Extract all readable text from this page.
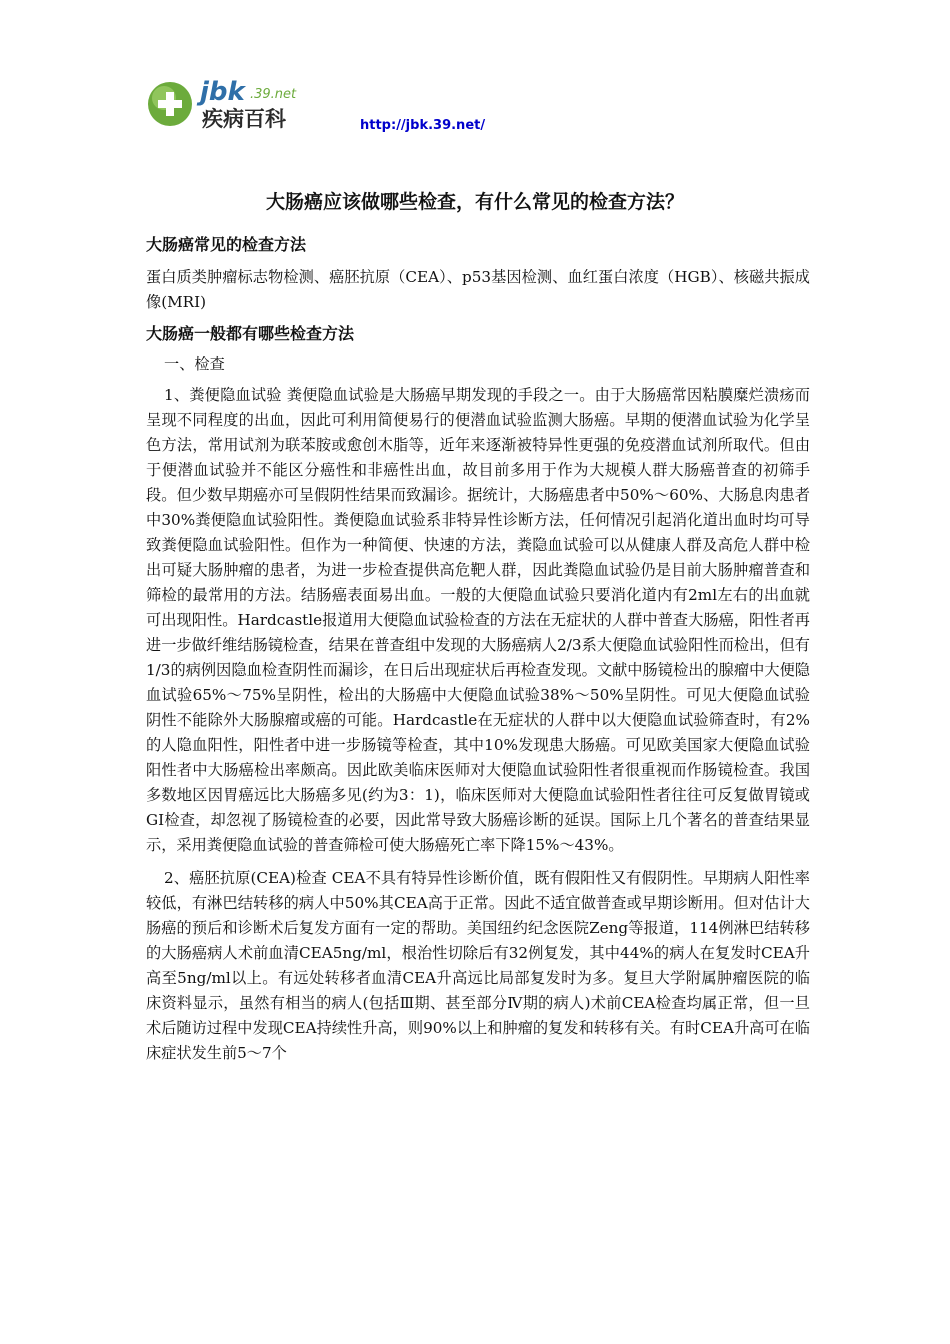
jbk .39.net
疾病百科	http://jbk.39.net/
大肠癌应该做哪些检查，有什么常见的检查方法？

大肠癌常见的检查方法

蛋白质类肿瘤标志物检测、癌胚抗原（CEA）、p53基因检测、血红蛋白浓度（HGB）、核磁共振成像(MRI)

大肠癌一般都有哪些检查方法

一、检查

1、粪便隐血试验 粪便隐血试验是大肠癌早期发现的手段之一。由于大肠癌常因粘膜糜烂溃疡而呈现不同程度的出血，因此可利用简便易行的便潜血试验监测大肠癌。早期的便潜血试验为化学呈色方法，常用试剂为联苯胺或愈创木脂等，近年来逐渐被特异性更强的免疫潜血试剂所取代。但由于便潜血试验并不能区分癌性和非癌性出血，故目前多用于作为大规模人群大肠癌普查的初筛手段。但少数早期癌亦可呈假阴性结果而致漏诊。据统计，大肠癌患者中50%～60%、大肠息肉患者中30%粪便隐血试验阳性。粪便隐血试验系非特异性诊断方法，任何情况引起消化道出血时均可导致粪便隐血试验阳性。但作为一种简便、快速的方法，粪隐血试验可以从健康人群及高危人群中检出可疑大肠肿瘤的患者，为进一步检查提供高危靶人群，因此粪隐血试验仍是目前大肠肿瘤普查和筛检的最常用的方法。结肠癌表面易出血。一般的大便隐血试验只要消化道内有2ml左右的出血就可出现阳性。Hardcastle报道用大便隐血试验检查的方法在无症状的人群中普查大肠癌，阳性者再进一步做纤维结肠镜检查，结果在普查组中发现的大肠癌病人2/3系大便隐血试验阳性而检出，但有1/3的病例因隐血检查阴性而漏诊，在日后出现症状后再检查发现。文献中肠镜检出的腺瘤中大便隐血试验65%～75%呈阴性，检出的大肠癌中大便隐血试验38%～50%呈阴性。可见大便隐血试验阴性不能除外大肠腺瘤或癌的可能。Hardcastle在无症状的人群中以大便隐血试验筛查时，有2%的人隐血阳性，阳性者中进一步肠镜等检查，其中10%发现患大肠癌。可见欧美国家大便隐血试验阳性者中大肠癌检出率颇高。因此欧美临床医师对大便隐血试验阳性者很重视而作肠镜检查。我国多数地区因胃癌远比大肠癌多见(约为3：1)，临床医师对大便隐血试验阳性者往往可反复做胃镜或GI检查，却忽视了肠镜检查的必要，因此常导致大肠癌诊断的延误。国际上几个著名的普查结果显示，采用粪便隐血试验的普查筛检可使大肠癌死亡率下降15%～43%。

2、癌胚抗原(CEA)检查 CEA不具有特异性诊断价值，既有假阳性又有假阴性。早期病人阳性率较低，有淋巴结转移的病人中50%其CEA高于正常。因此不适宜做普查或早期诊断用。但对估计大肠癌的预后和诊断术后复发方面有一定的帮助。美国纽约纪念医院Zeng等报道，114例淋巴结转移的大肠癌病人术前血清CEA5ng/ml，根治性切除后有32例复发，其中44%的病人在复发时CEA升高至5ng/ml以上。有远处转移者血清CEA升高远比局部复发时为多。复旦大学附属肿瘤医院的临床资料显示，虽然有相当的病人(包括Ⅲ期、甚至部分Ⅳ期的病人)术前CEA检查均属正常，但一旦术后随访过程中发现CEA持续性升高，则90%以上和肿瘤的复发和转移有关。有时CEA升高可在临床症状发生前5～7个
